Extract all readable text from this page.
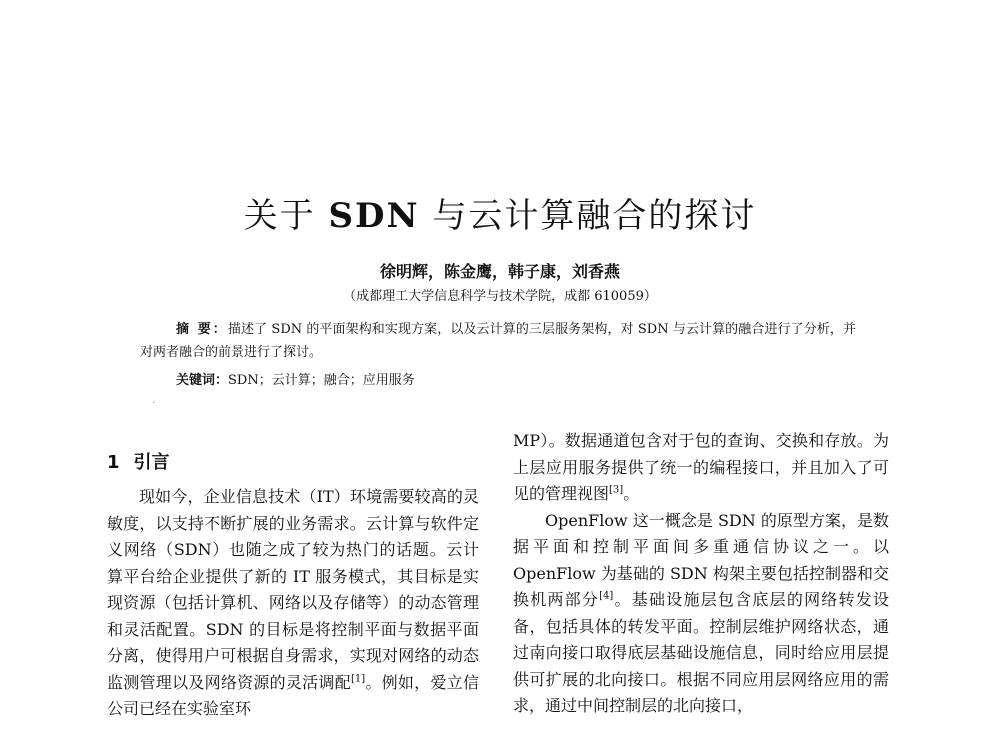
关于 SDN 与云计算融合的探讨
徐明辉，陈金鹰，韩子康，刘香燕
（成都理工大学信息科学与技术学院，成都 610059）
摘 要：描述了 SDN 的平面架构和实现方案，以及云计算的三层服务架构，对 SDN 与云计算的融合进行了分析，并对两者融合的前景进行了探讨。
关键词：SDN；云计算；融合；应用服务
·
1 引言

现如今，企业信息技术（IT）环境需要较高的灵敏度，以支持不断扩展的业务需求。云计算与软件定义网络（SDN）也随之成了较为热门的话题。云计算平台给企业提供了新的 IT 服务模式，其目标是实现资源（包括计算机、网络以及存储等）的动态管理和灵活配置。SDN 的目标是将控制平面与数据平面分离，使得用户可根据自身需求，实现对网络的动态监测管理以及网络资源的灵活调配[1]。例如，爱立信公司已经在实验室环

MP）。数据通道包含对于包的查询、交换和存放。为上层应用服务提供了统一的编程接口，并且加入了可见的管理视图[3]。

OpenFlow 这一概念是 SDN 的原型方案，是数据平面和控制平面间多重通信协议之一。以 OpenFlow 为基础的 SDN 构架主要包括控制器和交换机两部分[4]。基础设施层包含底层的网络转发设备，包括具体的转发平面。控制层维护网络状态，通过南向接口取得底层基础设施信息，同时给应用层提供可扩展的北向接口。根据不同应用层网络应用的需求，通过中间控制层的北向接口，
